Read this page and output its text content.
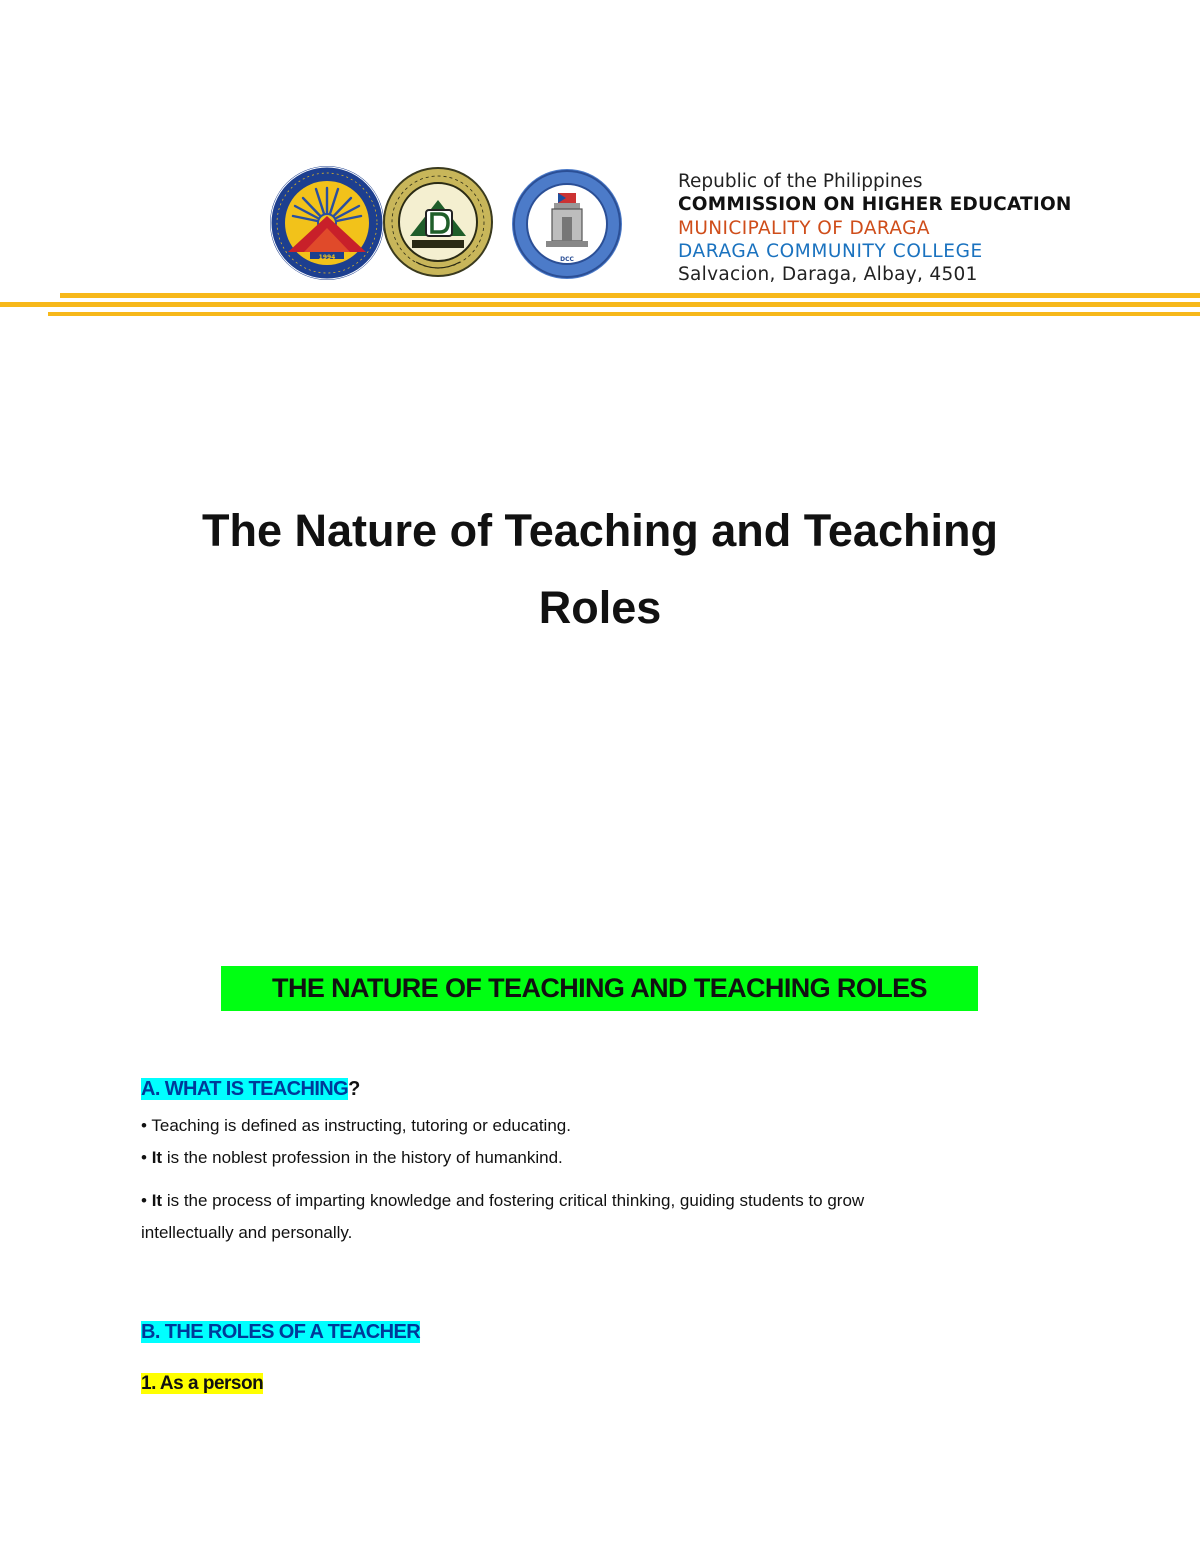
1994	DCC
Republic of the Philippines
COMMISSION ON HIGHER EDUCATION
MUNICIPALITY OF DARAGA
DARAGA COMMUNITY COLLEGE
Salvacion, Daraga, Albay, 4501
The Nature of Teaching and Teaching
Roles
THE NATURE OF TEACHING AND TEACHING ROLES
A. WHAT IS TEACHING?
• Teaching is defined as instructing, tutoring or educating.
• It is the noblest profession in the history of humankind.
• It is the process of imparting knowledge and fostering critical thinking, guiding students to grow
intellectually and personally.
B. THE ROLES OF A TEACHER
1. As a person
